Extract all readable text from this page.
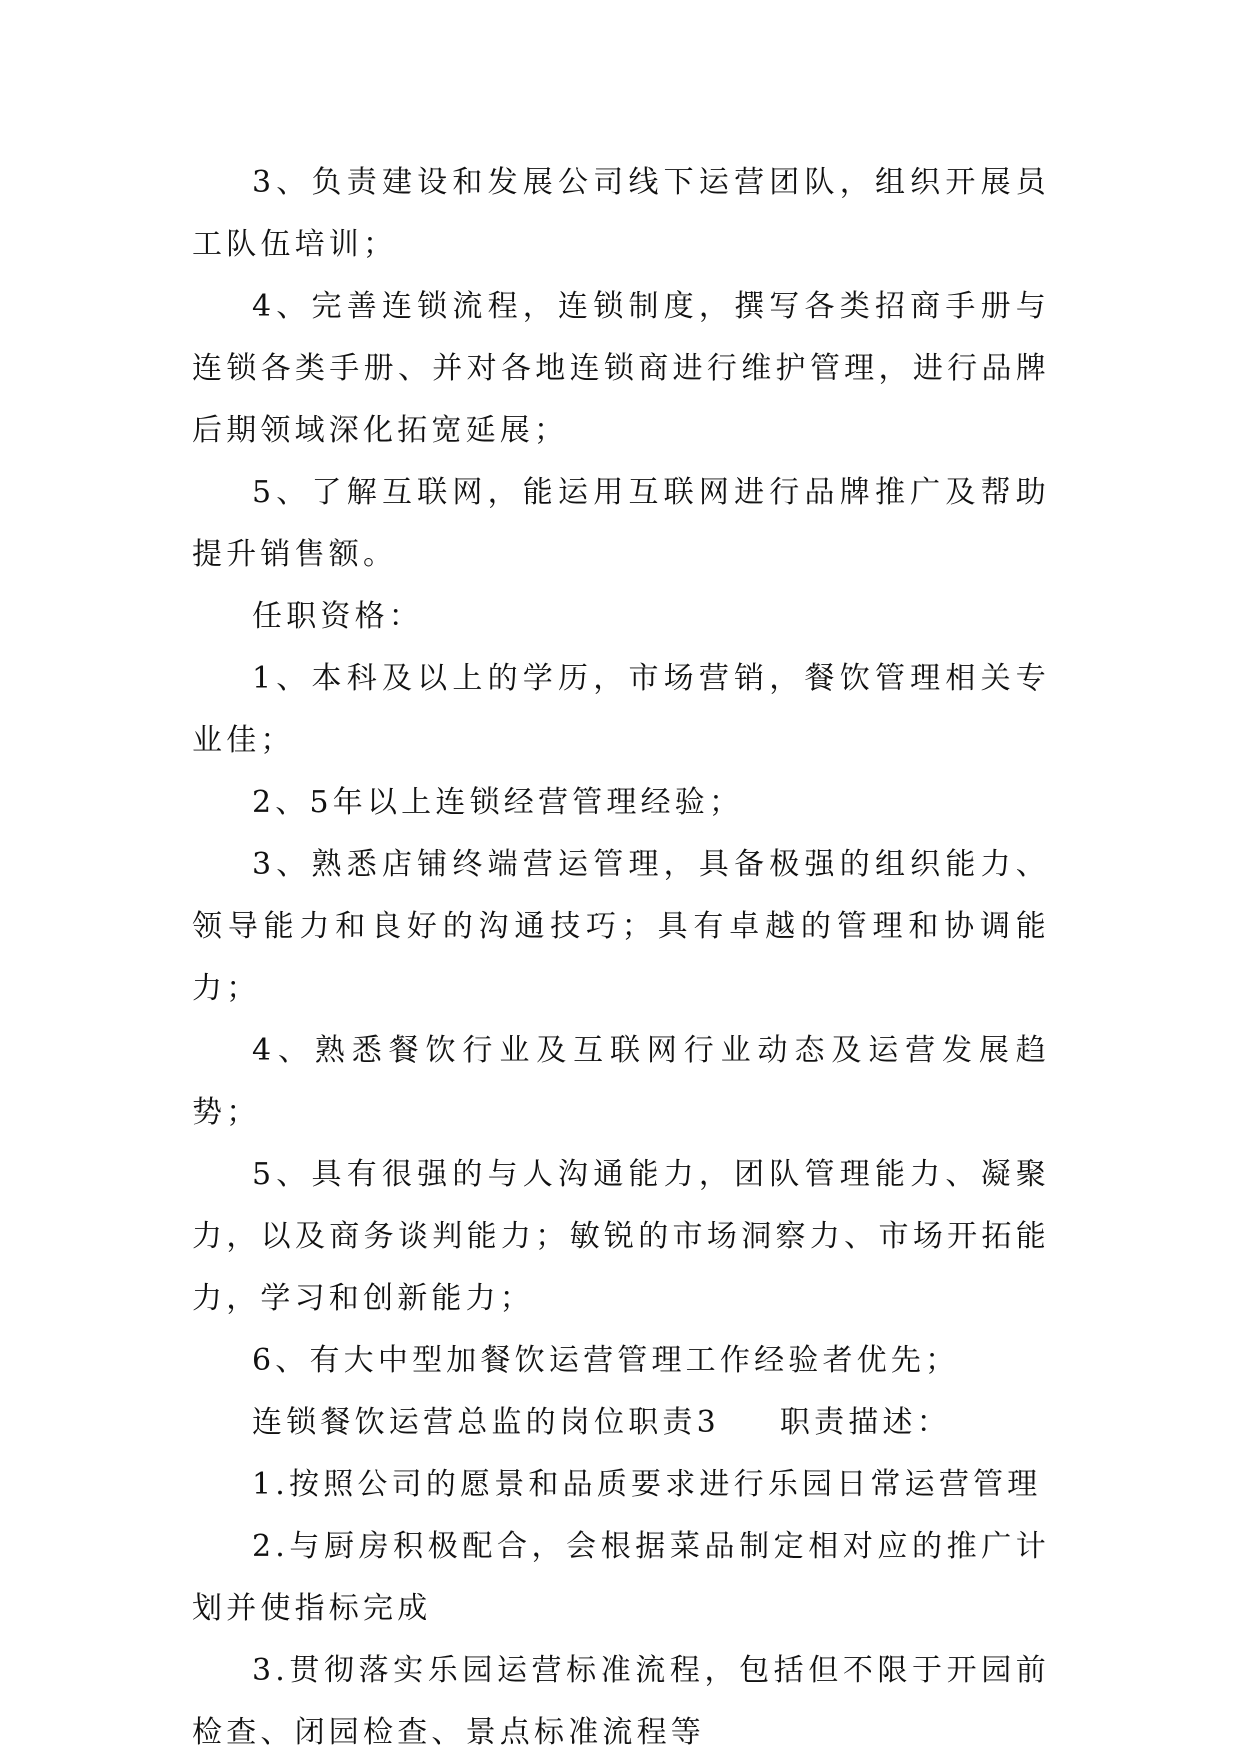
3、负责建设和发展公司线下运营团队，组织开展员工队伍培训；

4、完善连锁流程，连锁制度，撰写各类招商手册与连锁各类手册、并对各地连锁商进行维护管理，进行品牌后期领域深化拓宽延展；

5、了解互联网，能运用互联网进行品牌推广及帮助提升销售额。

任职资格：

1、本科及以上的学历，市场营销，餐饮管理相关专业佳；

2、5年以上连锁经营管理经验；

3、熟悉店铺终端营运管理，具备极强的组织能力、领导能力和良好的沟通技巧；具有卓越的管理和协调能力；

4、熟悉餐饮行业及互联网行业动态及运营发展趋势；

5、具有很强的与人沟通能力，团队管理能力、凝聚力，以及商务谈判能力；敏锐的市场洞察力、市场开拓能力，学习和创新能力；

6、有大中型加餐饮运营管理工作经验者优先；

连锁餐饮运营总监的岗位职责3 职责描述：

1.按照公司的愿景和品质要求进行乐园日常运营管理

2.与厨房积极配合，会根据菜品制定相对应的推广计划并使指标完成

3.贯彻落实乐园运营标准流程，包括但不限于开园前检查、闭园检查、景点标准流程等
